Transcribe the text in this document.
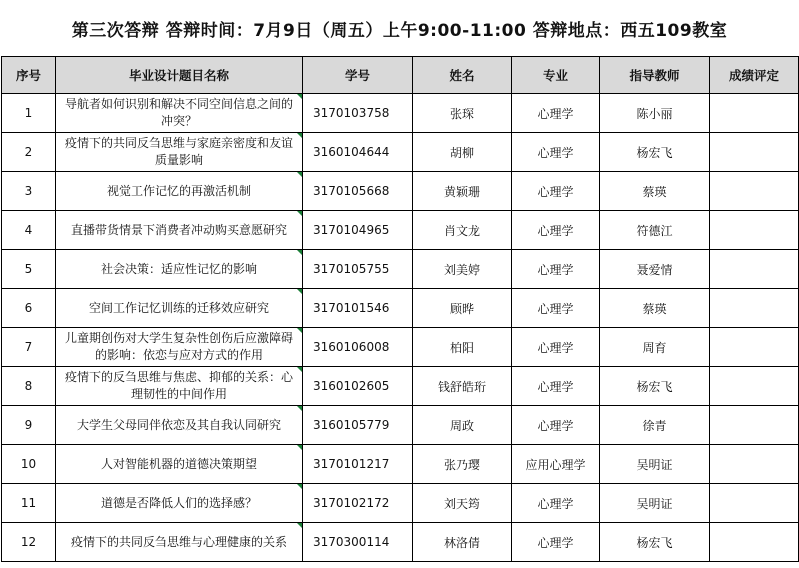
第三次答辩 答辩时间：7月9日（周五）上午9:00-11:00 答辩地点：西五109教室
序号	毕业设计题目名称	学号	姓名	专业	指导教师	成绩评定
1	导航者如何识别和解决不同空间信息之间的冲突？	3170103758	张琛	心理学	陈小丽	
2	疫情下的共同反刍思维与家庭亲密度和友谊质量影响	3160104644	胡柳	心理学	杨宏飞	
3	视觉工作记忆的再激活机制	3170105668	黄颖珊	心理学	蔡瑛	
4	直播带货情景下消费者冲动购买意愿研究	3170104965	肖文龙	心理学	符德江	
5	社会决策：适应性记忆的影响	3170105755	刘美婷	心理学	聂爱情	
6	空间工作记忆训练的迁移效应研究	3170101546	顾晔	心理学	蔡瑛	
7	儿童期创伤对大学生复杂性创伤后应激障碍的影响：依恋与应对方式的作用	3160106008	柏阳	心理学	周育	
8	疫情下的反刍思维与焦虑、抑郁的关系：心理韧性的中间作用	3160102605	钱舒皓珩	心理学	杨宏飞	
9	大学生父母同伴依恋及其自我认同研究	3160105779	周政	心理学	徐青	
10	人对智能机器的道德决策期望	3170101217	张乃璎	应用心理学	吴明证	
11	道德是否降低人们的选择感？	3170102172	刘天筠	心理学	吴明证	
12	疫情下的共同反刍思维与心理健康的关系	3170300114	林洛倩	心理学	杨宏飞	
